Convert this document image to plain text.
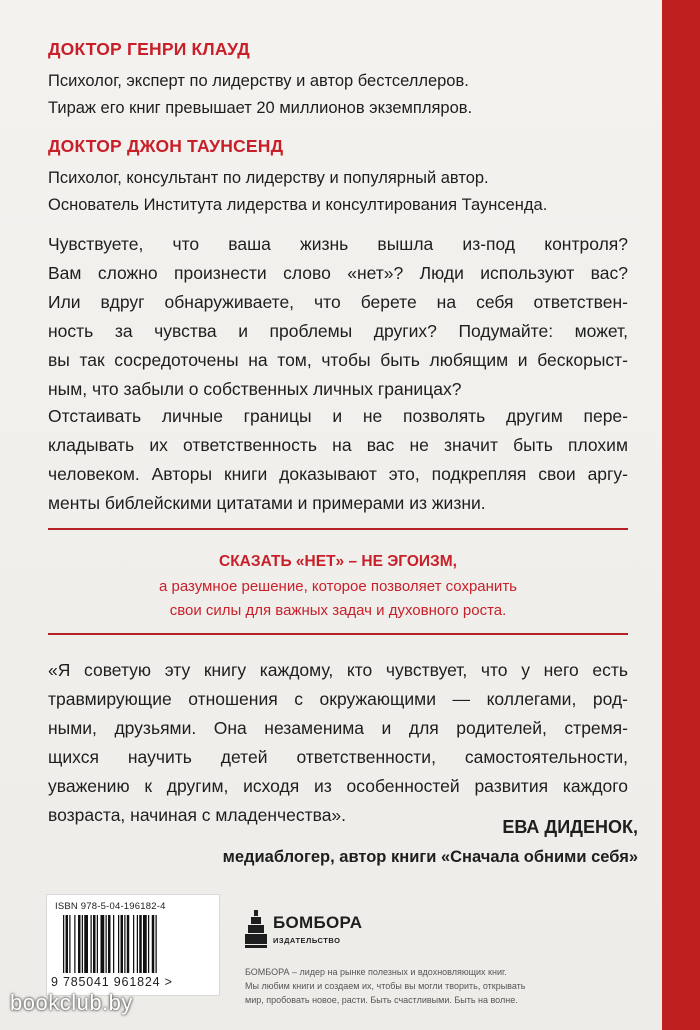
ДОКТОР ГЕНРИ КЛАУД
Психолог, эксперт по лидерству и автор бестселлеров.
Тираж его книг превышает 20 миллионов экземпляров.
ДОКТОР ДЖОН ТАУНСЕНД
Психолог, консультант по лидерству и популярный автор.
Основатель Института лидерства и консултирования Таунсенда.
Чувствуете, что ваша жизнь вышла из-под контроля?
Вам сложно произнести слово «нет»? Люди используют вас?
Или вдруг обнаруживаете, что берете на себя ответствен-
ность за чувства и проблемы других? Подумайте: может,
вы так сосредоточены на том, чтобы быть любящим и бескорыст-
ным, что забыли о собственных личных границах?
Отстаивать личные границы и не позволять другим пере-
кладывать их ответственность на вас не значит быть плохим
человеком. Авторы книги доказывают это, подкрепляя свои аргу-
менты библейскими цитатами и примерами из жизни.
СКАЗАТЬ «НЕТ» – НЕ ЭГОИЗМ,
а разумное решение, которое позволяет сохранить
свои силы для важных задач и духовного роста.
«Я советую эту книгу каждому, кто чувствует, что у него есть
травмирующие отношения с окружающими — коллегами, род-
ными, друзьями. Она незаменима и для родителей, стремя-
щихся научить детей ответственности, самостоятельности,
уважению к другим, исходя из особенностей развития каждого
возраста, начиная с младенчества».
ЕВА ДИДЕНОК,
медиаблогер, автор книги «Сначала обними себя»
ISBN 978-5-04-196182-4
9 785041 961824 >
БОМБОРА
ИЗДАТЕЛЬСТВО
БОМБОРА – лидер на рынке полезных и вдохновляющих книг.
Мы любим книги и создаем их, чтобы вы могли творить, открывать
мир, пробовать новое, расти. Быть счастливыми. Быть на волне.
bookclub.by
